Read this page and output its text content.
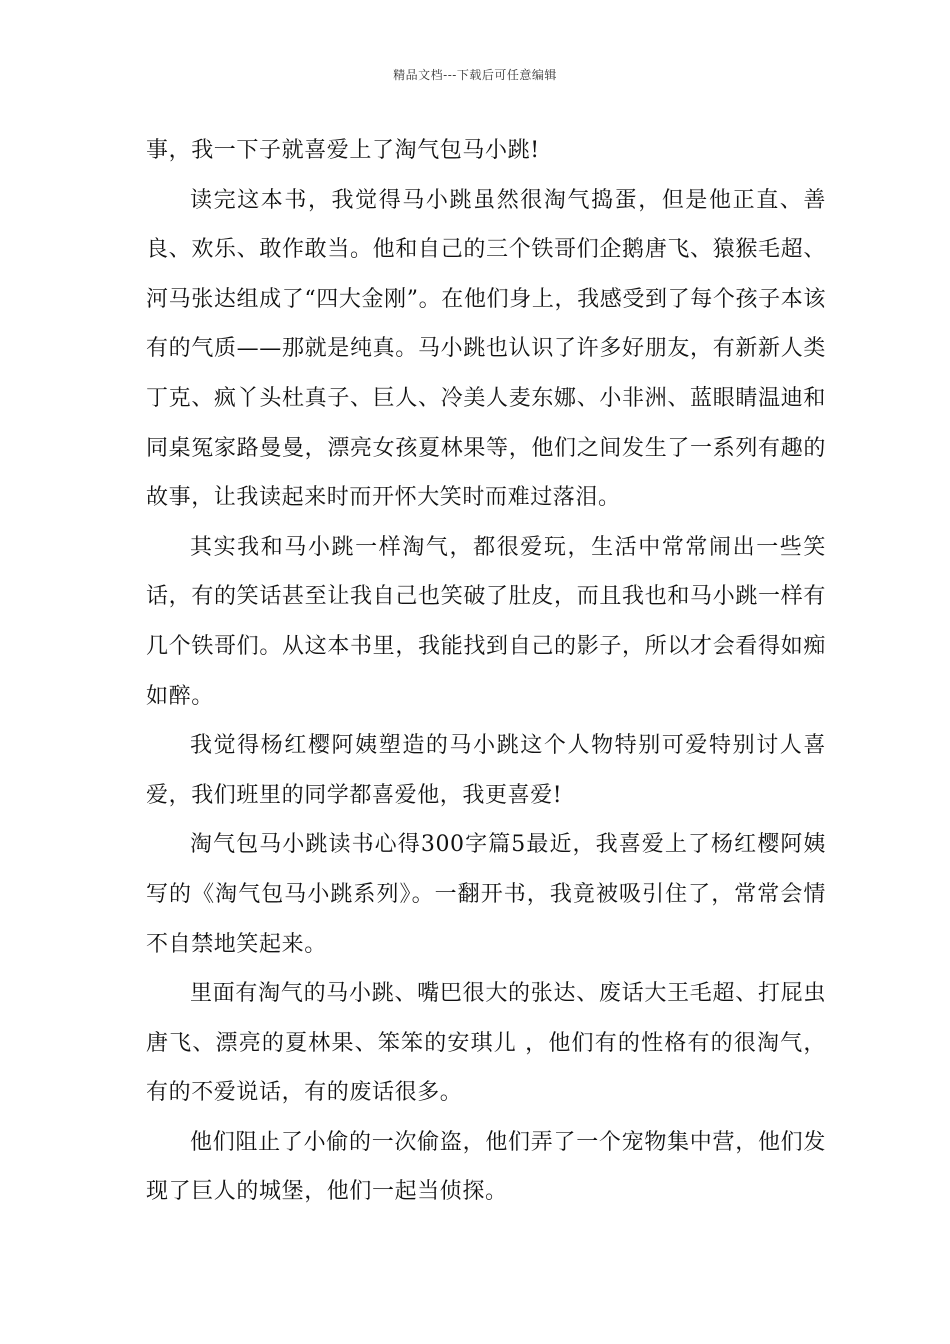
精品文档---下载后可任意编辑

事，我一下子就喜爱上了淘气包马小跳!

读完这本书，我觉得马小跳虽然很淘气捣蛋，但是他正直、善良、欢乐、敢作敢当。他和自己的三个铁哥们企鹅唐飞、猿猴毛超、河马张达组成了“四大金刚”。在他们身上，我感受到了每个孩子本该有的气质——那就是纯真。马小跳也认识了许多好朋友，有新新人类丁克、疯丫头杜真子、巨人、冷美人麦东娜、小非洲、蓝眼睛温迪和同桌冤家路曼曼，漂亮女孩夏林果等，他们之间发生了一系列有趣的故事，让我读起来时而开怀大笑时而难过落泪。

其实我和马小跳一样淘气，都很爱玩，生活中常常闹出一些笑话，有的笑话甚至让我自己也笑破了肚皮，而且我也和马小跳一样有几个铁哥们。从这本书里，我能找到自己的影子，所以才会看得如痴如醉。

我觉得杨红樱阿姨塑造的马小跳这个人物特别可爱特别讨人喜爱，我们班里的同学都喜爱他，我更喜爱!

淘气包马小跳读书心得300字篇5最近，我喜爱上了杨红樱阿姨写的《淘气包马小跳系列》。一翻开书，我竟被吸引住了，常常会情不自禁地笑起来。

里面有淘气的马小跳、嘴巴很大的张达、废话大王毛超、打屁虫唐飞、漂亮的夏林果、笨笨的安琪儿 ，他们有的性格有的很淘气，有的不爱说话，有的废话很多。

他们阻止了小偷的一次偷盗，他们弄了一个宠物集中营，他们发现了巨人的城堡，他们一起当侦探。
